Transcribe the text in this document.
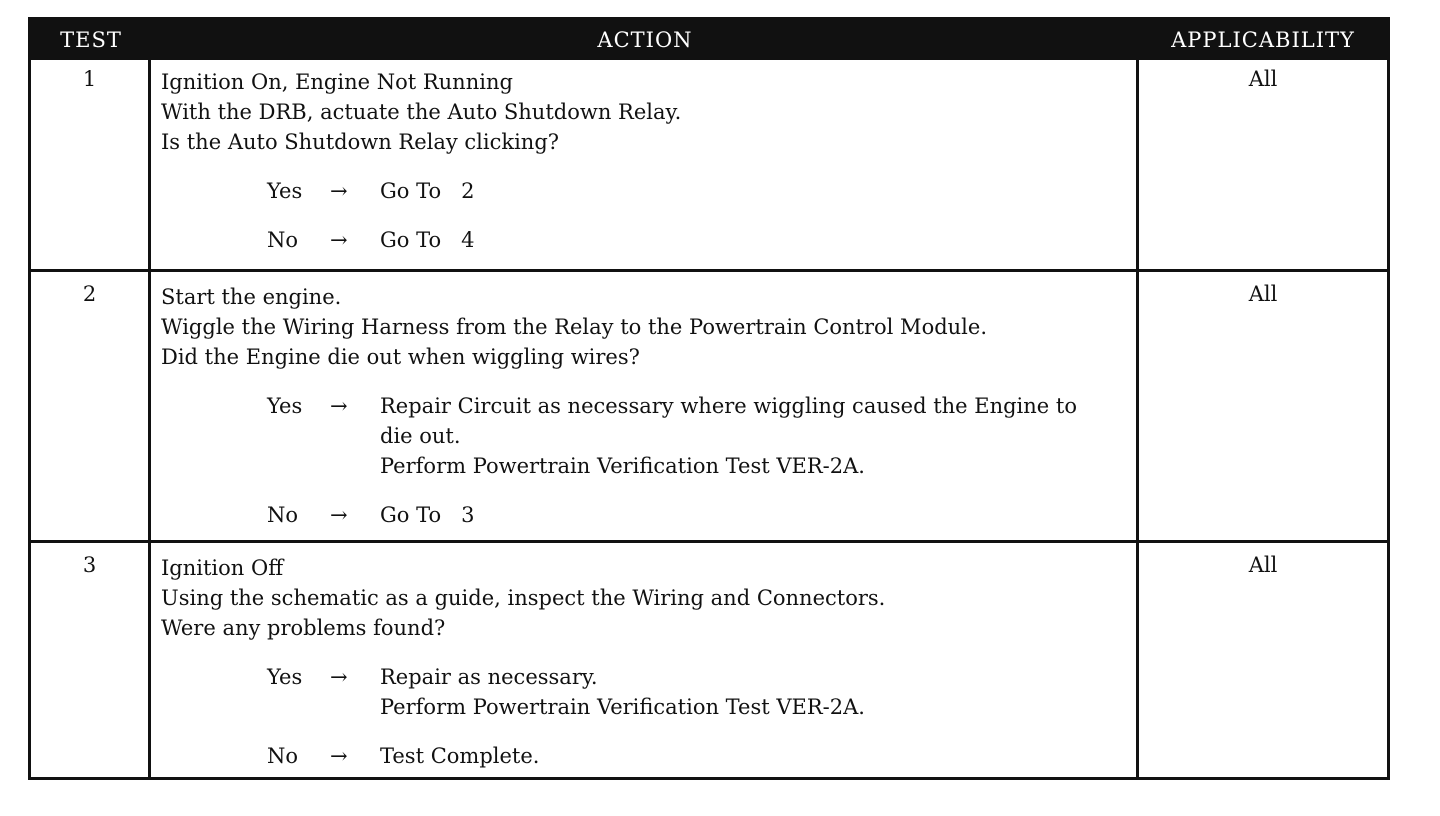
TEST	ACTION	APPLICABILITY
1	Ignition On, Engine Not Running
With the DRB, actuate the Auto Shutdown Relay.
Is the Auto Shutdown Relay clicking?
Yes	→	Go To   2
No	→	Go To   4
All
2	Start the engine.
Wiggle the Wiring Harness from the Relay to the Powertrain Control Module.
Did the Engine die out when wiggling wires?
Yes	→	Repair Circuit as necessary where wiggling caused the Engine to
die out.
Perform Powertrain Verification Test VER-2A.
No	→	Go To   3
All
3	Ignition Off
Using the schematic as a guide, inspect the Wiring and Connectors.
Were any problems found?
Yes	→	Repair as necessary.
Perform Powertrain Verification Test VER-2A.
No	→	Test Complete.
All
